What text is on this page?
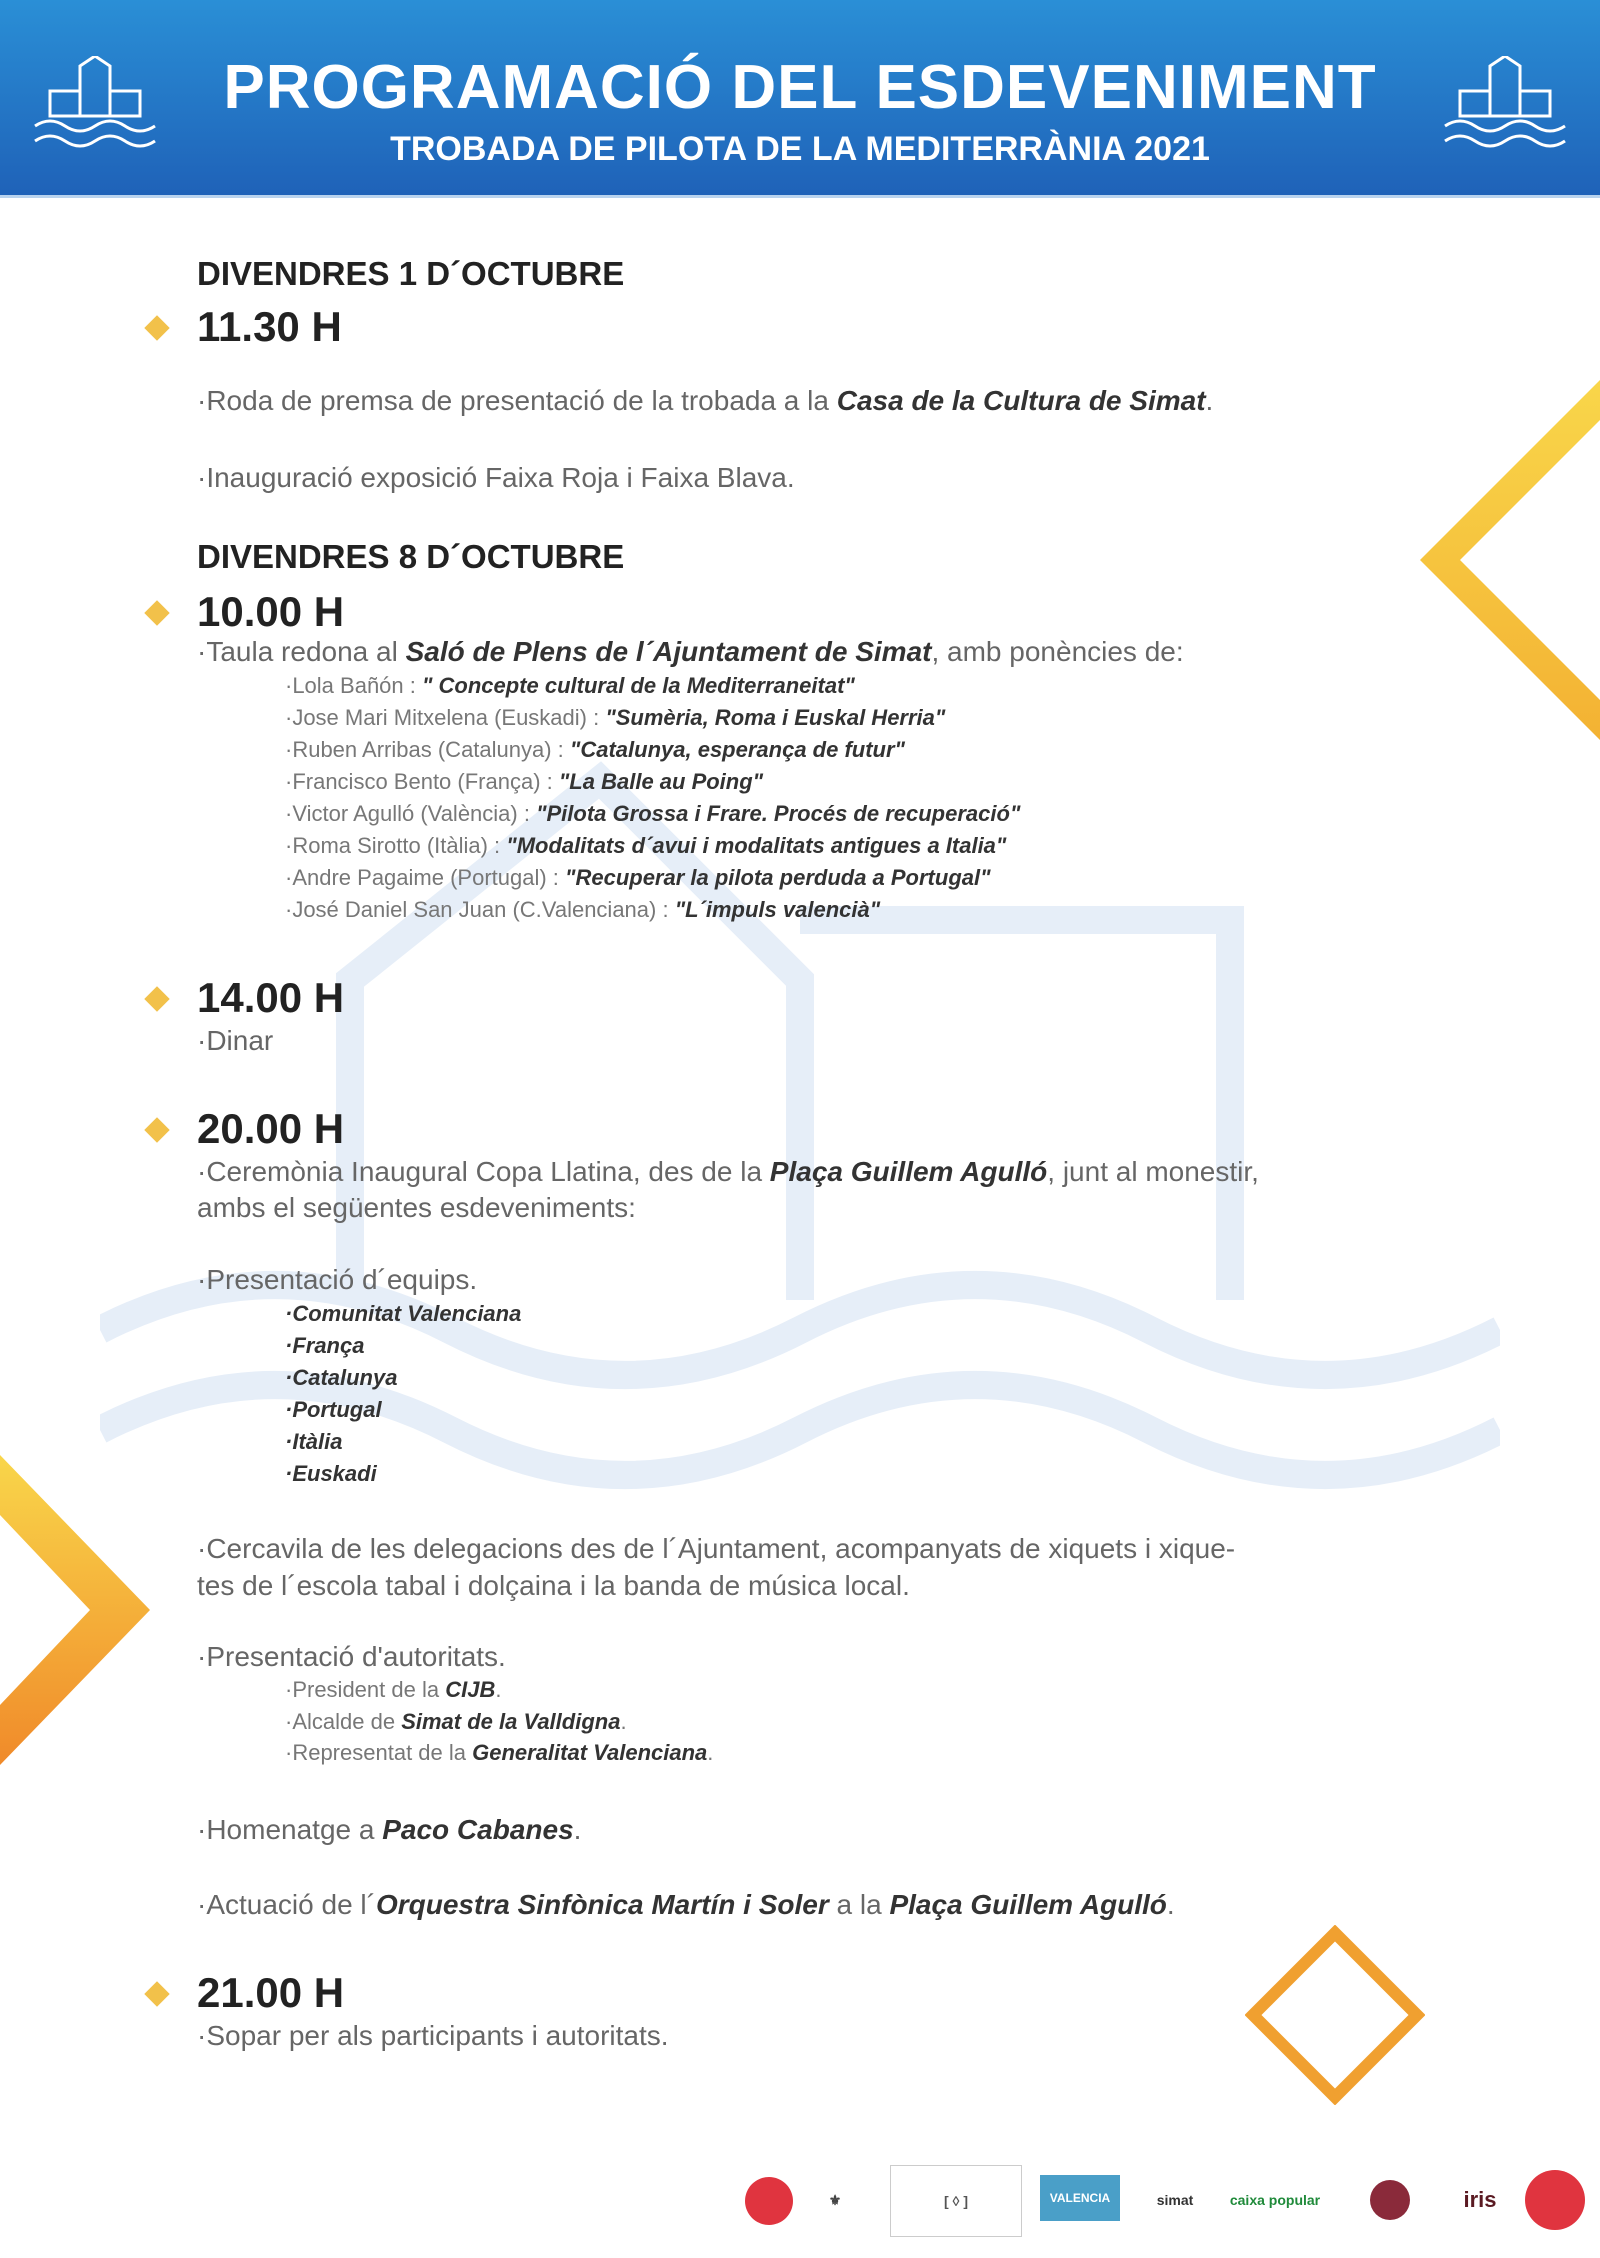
PROGRAMACIÓ DEL ESDEVENIMENT
TROBADA DE PILOTA DE LA MEDITERRÀNIA 2021
DIVENDRES 1 D´OCTUBRE
11.30 H
·Roda de premsa de presentació de la trobada a la Casa de la Cultura de Simat.
·Inauguració exposició Faixa Roja i Faixa Blava.
DIVENDRES 8 D´OCTUBRE
10.00 H
·Taula redona al Saló de Plens de l´Ajuntament de Simat, amb ponències de:
·Lola Bañón : " Concepte cultural de la Mediterraneitat"
·Jose Mari Mitxelena (Euskadi) : "Sumèria, Roma i Euskal Herria"
·Ruben Arribas (Catalunya) : "Catalunya, esperança de futur"
·Francisco Bento (França) : "La Balle au Poing"
·Victor Agulló (València) : "Pilota Grossa i Frare. Procés de recuperació"
·Roma Sirotto (Itàlia) : "Modalitats d´avui i modalitats antigues a Italia"
·Andre Pagaime (Portugal) : "Recuperar la pilota perduda a Portugal"
·José Daniel San Juan (C.Valenciana) : "L´impuls valencià"
14.00 H
·Dinar
20.00 H
·Ceremònia Inaugural Copa Llatina, des de la Plaça Guillem Agulló, junt al monestir,
ambs el següentes esdeveniments:
·Presentació d´equips.
·Comunitat Valenciana
·França
·Catalunya
·Portugal
·Itàlia
·Euskadi
·Cercavila de les delegacions des de l´Ajuntament, acompanyats de xiquets i xique-
tes de l´escola tabal i dolçaina i la banda de música local.
·Presentació d'autoritats.
·President de la CIJB.
·Alcalde de Simat de la Valldigna.
·Representat de la Generalitat Valenciana.
·Homenatge a Paco Cabanes.
·Actuació de l´Orquestra Sinfònica Martín i Soler a la Plaça Guillem Agulló.
21.00 H
·Sopar per als participants i autoritats.
⚜	[ ◊ ]	VALENCIA	simat	caixa popular	iris
